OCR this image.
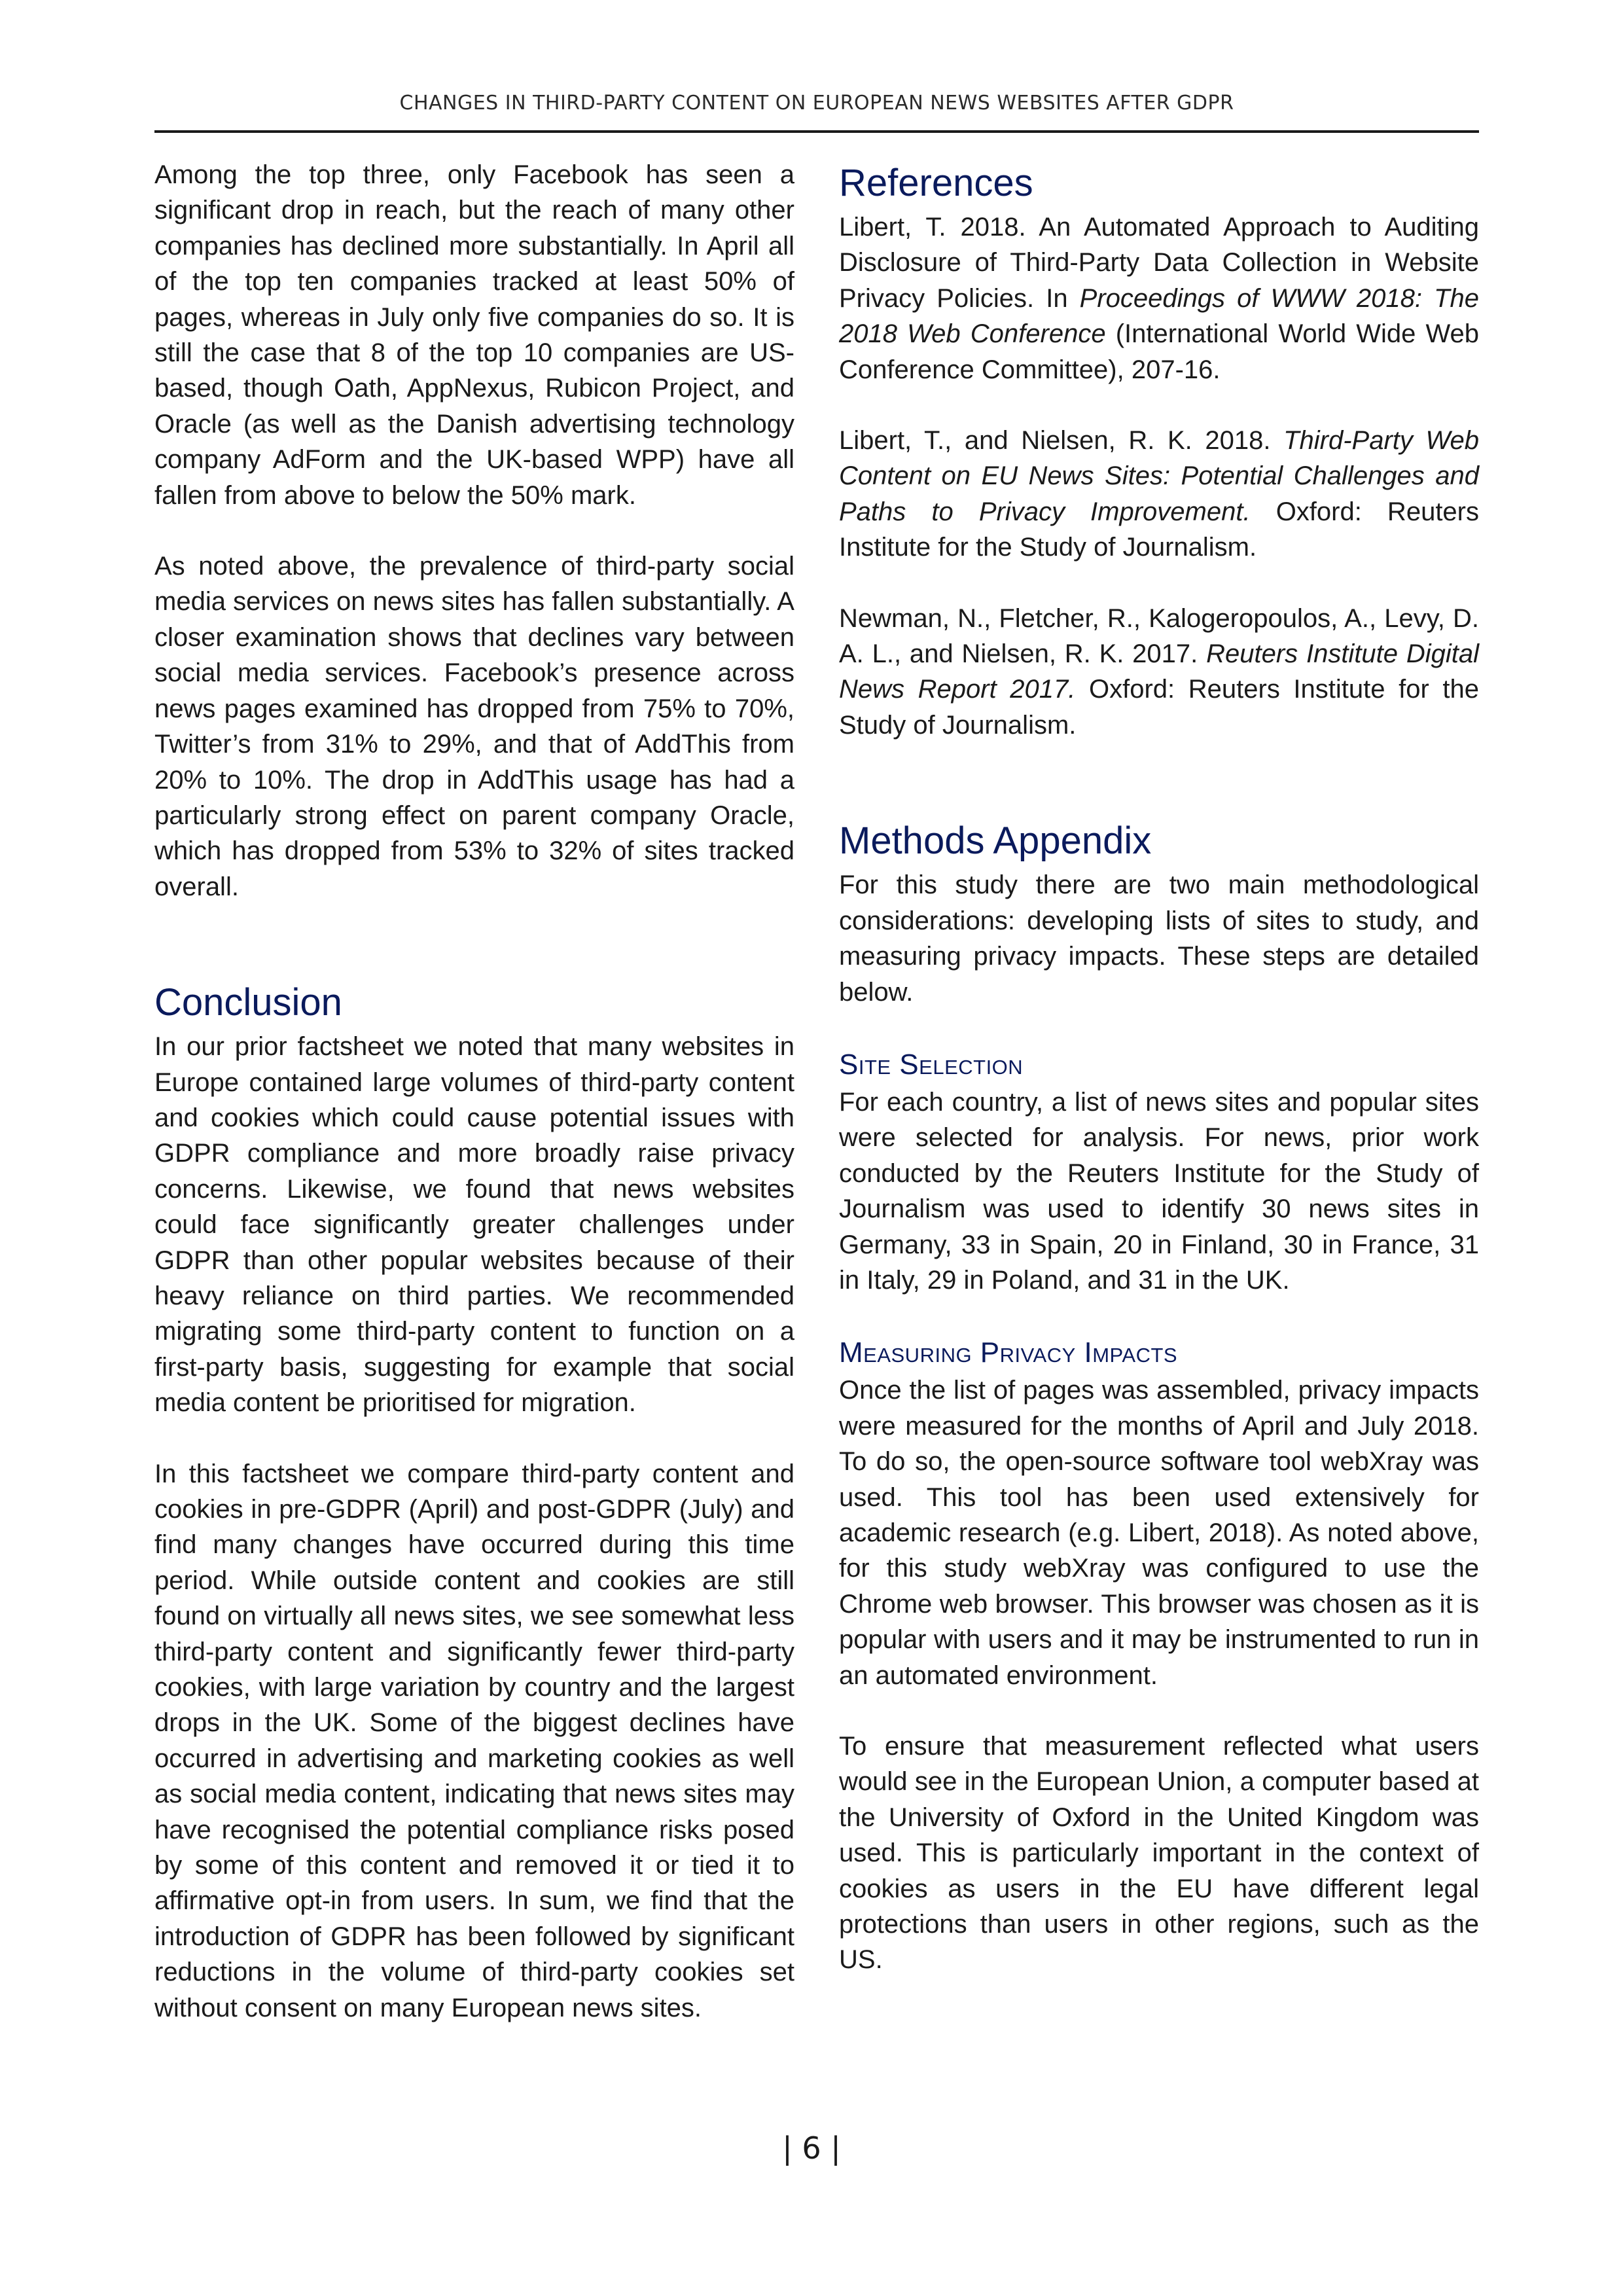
CHANGES IN THIRD-PARTY CONTENT ON EUROPEAN NEWS WEBSITES AFTER GDPR

Among the top three, only Facebook has seen a significant drop in reach, but the reach of many other companies has declined more substantially. In April all of the top ten companies tracked at least 50% of pages, whereas in July only five companies do so. It is still the case that 8 of the top 10 companies are US-based, though Oath, AppNexus, Rubicon Project, and Oracle (as well as the Danish advertising technology company AdForm and the UK-based WPP) have all fallen from above to below the 50% mark.

As noted above, the prevalence of third-party social media services on news sites has fallen substantially. A closer examination shows that declines vary between social media services. Facebook’s presence across news pages examined has dropped from 75% to 70%, Twitter’s from 31% to 29%, and that of AddThis from 20% to 10%. The drop in AddThis usage has had a particularly strong effect on parent company Oracle, which has dropped from 53% to 32% of sites tracked overall.

Conclusion

In our prior factsheet we noted that many websites in Europe contained large volumes of third-party content and cookies which could cause potential issues with GDPR compliance and more broadly raise privacy concerns. Likewise, we found that news websites could face significantly greater challenges under GDPR than other popular websites because of their heavy reliance on third parties. We recommended migrating some third-party content to function on a first-party basis, suggesting for example that social media content be prioritised for migration.

In this factsheet we compare third-party content and cookies in pre-GDPR (April) and post-GDPR (July) and find many changes have occurred during this time period. While outside content and cookies are still found on virtually all news sites, we see somewhat less third-party content and significantly fewer third-party cookies, with large variation by country and the largest drops in the UK. Some of the biggest declines have occurred in advertising and marketing cookies as well as social media content, indicating that news sites may have recognised the potential compliance risks posed by some of this content and removed it or tied it to affirmative opt-in from users. In sum, we find that the introduction of GDPR has been followed by significant reductions in the volume of third-party cookies set without consent on many European news sites.

References

Libert, T. 2018. An Automated Approach to Auditing Disclosure of Third-Party Data Collection in Website Privacy Policies. In Proceedings of WWW 2018: The 2018 Web Conference (International World Wide Web Conference Committee), 207-16.

Libert, T., and Nielsen, R. K. 2018. Third-Party Web Content on EU News Sites: Potential Challenges and Paths to Privacy Improvement. Oxford: Reuters Institute for the Study of Journalism.

Newman, N., Fletcher, R., Kalogeropoulos, A., Levy, D. A. L., and Nielsen, R. K. 2017. Reuters Institute Digital News Report 2017. Oxford: Reuters Institute for the Study of Journalism.

Methods Appendix

For this study there are two main methodological considerations: developing lists of sites to study, and measuring privacy impacts. These steps are detailed below.

Site Selection

For each country, a list of news sites and popular sites were selected for analysis. For news, prior work conducted by the Reuters Institute for the Study of Journalism was used to identify 30 news sites in Germany, 33 in Spain, 20 in Finland, 30 in France, 31 in Italy, 29 in Poland, and 31 in the UK.

Measuring Privacy Impacts

Once the list of pages was assembled, privacy impacts were measured for the months of April and July 2018. To do so, the open-source software tool webXray was used. This tool has been used extensively for academic research (e.g. Libert, 2018). As noted above, for this study webXray was configured to use the Chrome web browser. This browser was chosen as it is popular with users and it may be instrumented to run in an automated environment.

To ensure that measurement reflected what users would see in the European Union, a computer based at the University of Oxford in the United Kingdom was used. This is particularly important in the context of cookies as users in the EU have different legal protections than users in other regions, such as the US.

| 6 |
